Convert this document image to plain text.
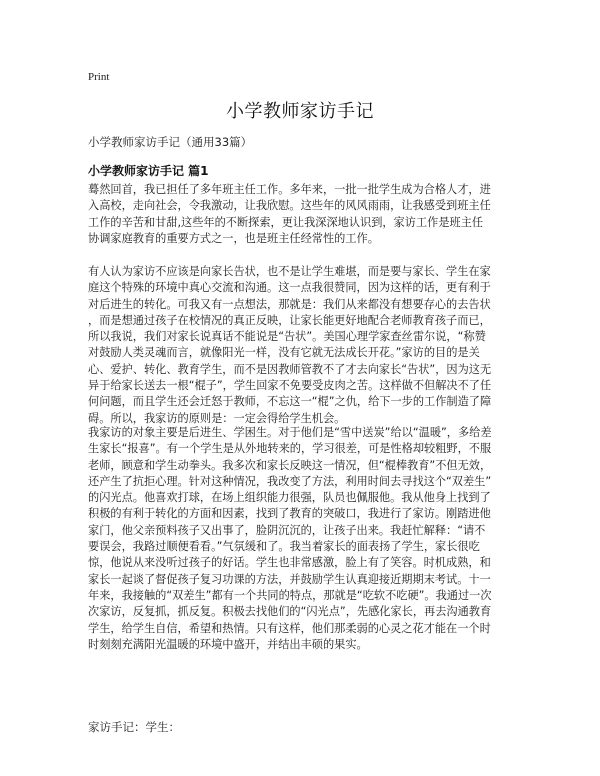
Print
小学教师家访手记
小学教师家访手记（通用33篇）
小学教师家访手记 篇1

蓦然回首，我已担任了多年班主任工作。多年来，一批一批学生成为合格人才，进
入高校，走向社会，令我激动，让我欣慰。这些年的风风雨雨，让我感受到班主任
工作的辛苦和甘甜,这些年的不断探索，更让我深深地认识到，家访工作是班主任
协调家庭教育的重要方式之一，也是班主任经常性的工作。

有人认为家访不应该是向家长告状，也不是让学生难堪，而是要与家长、学生在家
庭这个特殊的环境中真心交流和沟通。这一点我很赞同，因为这样的话，更有利于
对后进生的转化。可我又有一点想法，那就是：我们从来都没有想要存心的去告状
，而是想通过孩子在校情况的真正反映，让家长能更好地配合老师教育孩子而已，
所以我说，我们对家长说真话不能说是“告状”。美国心理学家查丝雷尔说，“称赞
对鼓励人类灵魂而言，就像阳光一样，没有它就无法成长开花。”家访的目的是关
心、爱护、转化、教育学生，而不是因教师管教不了才去向家长“告状”，因为这无
异于给家长送去一根“棍子”，学生回家不免要受皮肉之苦。这样做不但解决不了任
何问题，而且学生还会迁怒于教师，不忘这一“棍”之仇，给下一步的工作制造了障
碍。所以，我家访的原则是：一定会得给学生机会。

我家访的对象主要是后进生、学困生。对于他们是“雪中送炭”给以“温暖”，多给差
生家长“报喜”。有一个学生是从外地转来的，学习很差，可是性格却较粗野，不服
老师，顾意和学生动拳头。我多次和家长反映这一情况，但“棍棒教育”不但无效，
还产生了抗拒心理。针对这种情况，我改变了方法，利用时间去寻找这个“双差生”
的闪光点。他喜欢打球，在场上组织能力很强，队员也佩服他。我从他身上找到了
积极的有利于转化的方面和因素，找到了教育的突破口，我进行了家访。刚踏进他
家门，他父亲预料孩子又出事了，脸阴沉沉的，让孩子出来。我赶忙解释：“请不
要误会，我路过顺便看看。”气氛缓和了。我当着家长的面表扬了学生，家长很吃
惊，他说从来没听过孩子的好话。学生也非常感激，脸上有了笑容。时机成熟，和
家长一起谈了督促孩子复习功课的方法，并鼓励学生认真迎接近期期末考试。十一
年来，我接触的“双差生”都有一个共同的特点，那就是“吃软不吃硬”。我通过一次
次家访，反复抓，抓反复。积极去找他们的“闪光点”，先感化家长，再去沟通教育
学生，给学生自信，希望和热情。只有这样，他们那柔弱的心灵之花才能在一个时
时刻刻充满阳光温暖的环境中盛开，并结出丰硕的果实。

家访手记：学生：
